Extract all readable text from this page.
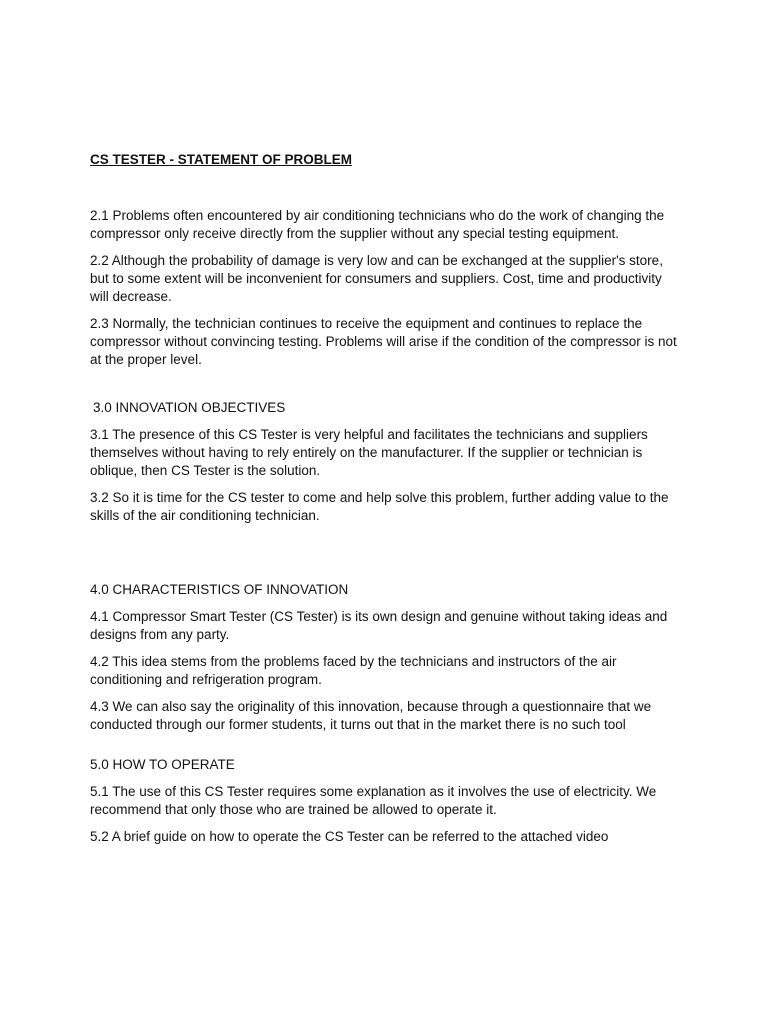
CS TESTER - STATEMENT OF PROBLEM

2.1 Problems often encountered by air conditioning technicians who do the work of changing the compressor only receive directly from the supplier without any special testing equipment.

2.2 Although the probability of damage is very low and can be exchanged at the supplier's store, but to some extent will be inconvenient for consumers and suppliers. Cost, time and productivity will decrease.

2.3 Normally, the technician continues to receive the equipment and continues to replace the compressor without convincing testing. Problems will arise if the condition of the compressor is not at the proper level.

3.0 INNOVATION OBJECTIVES

3.1 The presence of this CS Tester is very helpful and facilitates the technicians and suppliers themselves without having to rely entirely on the manufacturer. If the supplier or technician is oblique, then CS Tester is the solution.

3.2 So it is time for the CS tester to come and help solve this problem, further adding value to the skills of the air conditioning technician.

4.0 CHARACTERISTICS OF INNOVATION

4.1 Compressor Smart Tester (CS Tester) is its own design and genuine without taking ideas and designs from any party.

4.2 This idea stems from the problems faced by the technicians and instructors of the air conditioning and refrigeration program.

4.3 We can also say the originality of this innovation, because through a questionnaire that we conducted through our former students, it turns out that in the market there is no such tool

5.0 HOW TO OPERATE

5.1 The use of this CS Tester requires some explanation as it involves the use of electricity. We recommend that only those who are trained be allowed to operate it.

5.2 A brief guide on how to operate the CS Tester can be referred to the attached video
